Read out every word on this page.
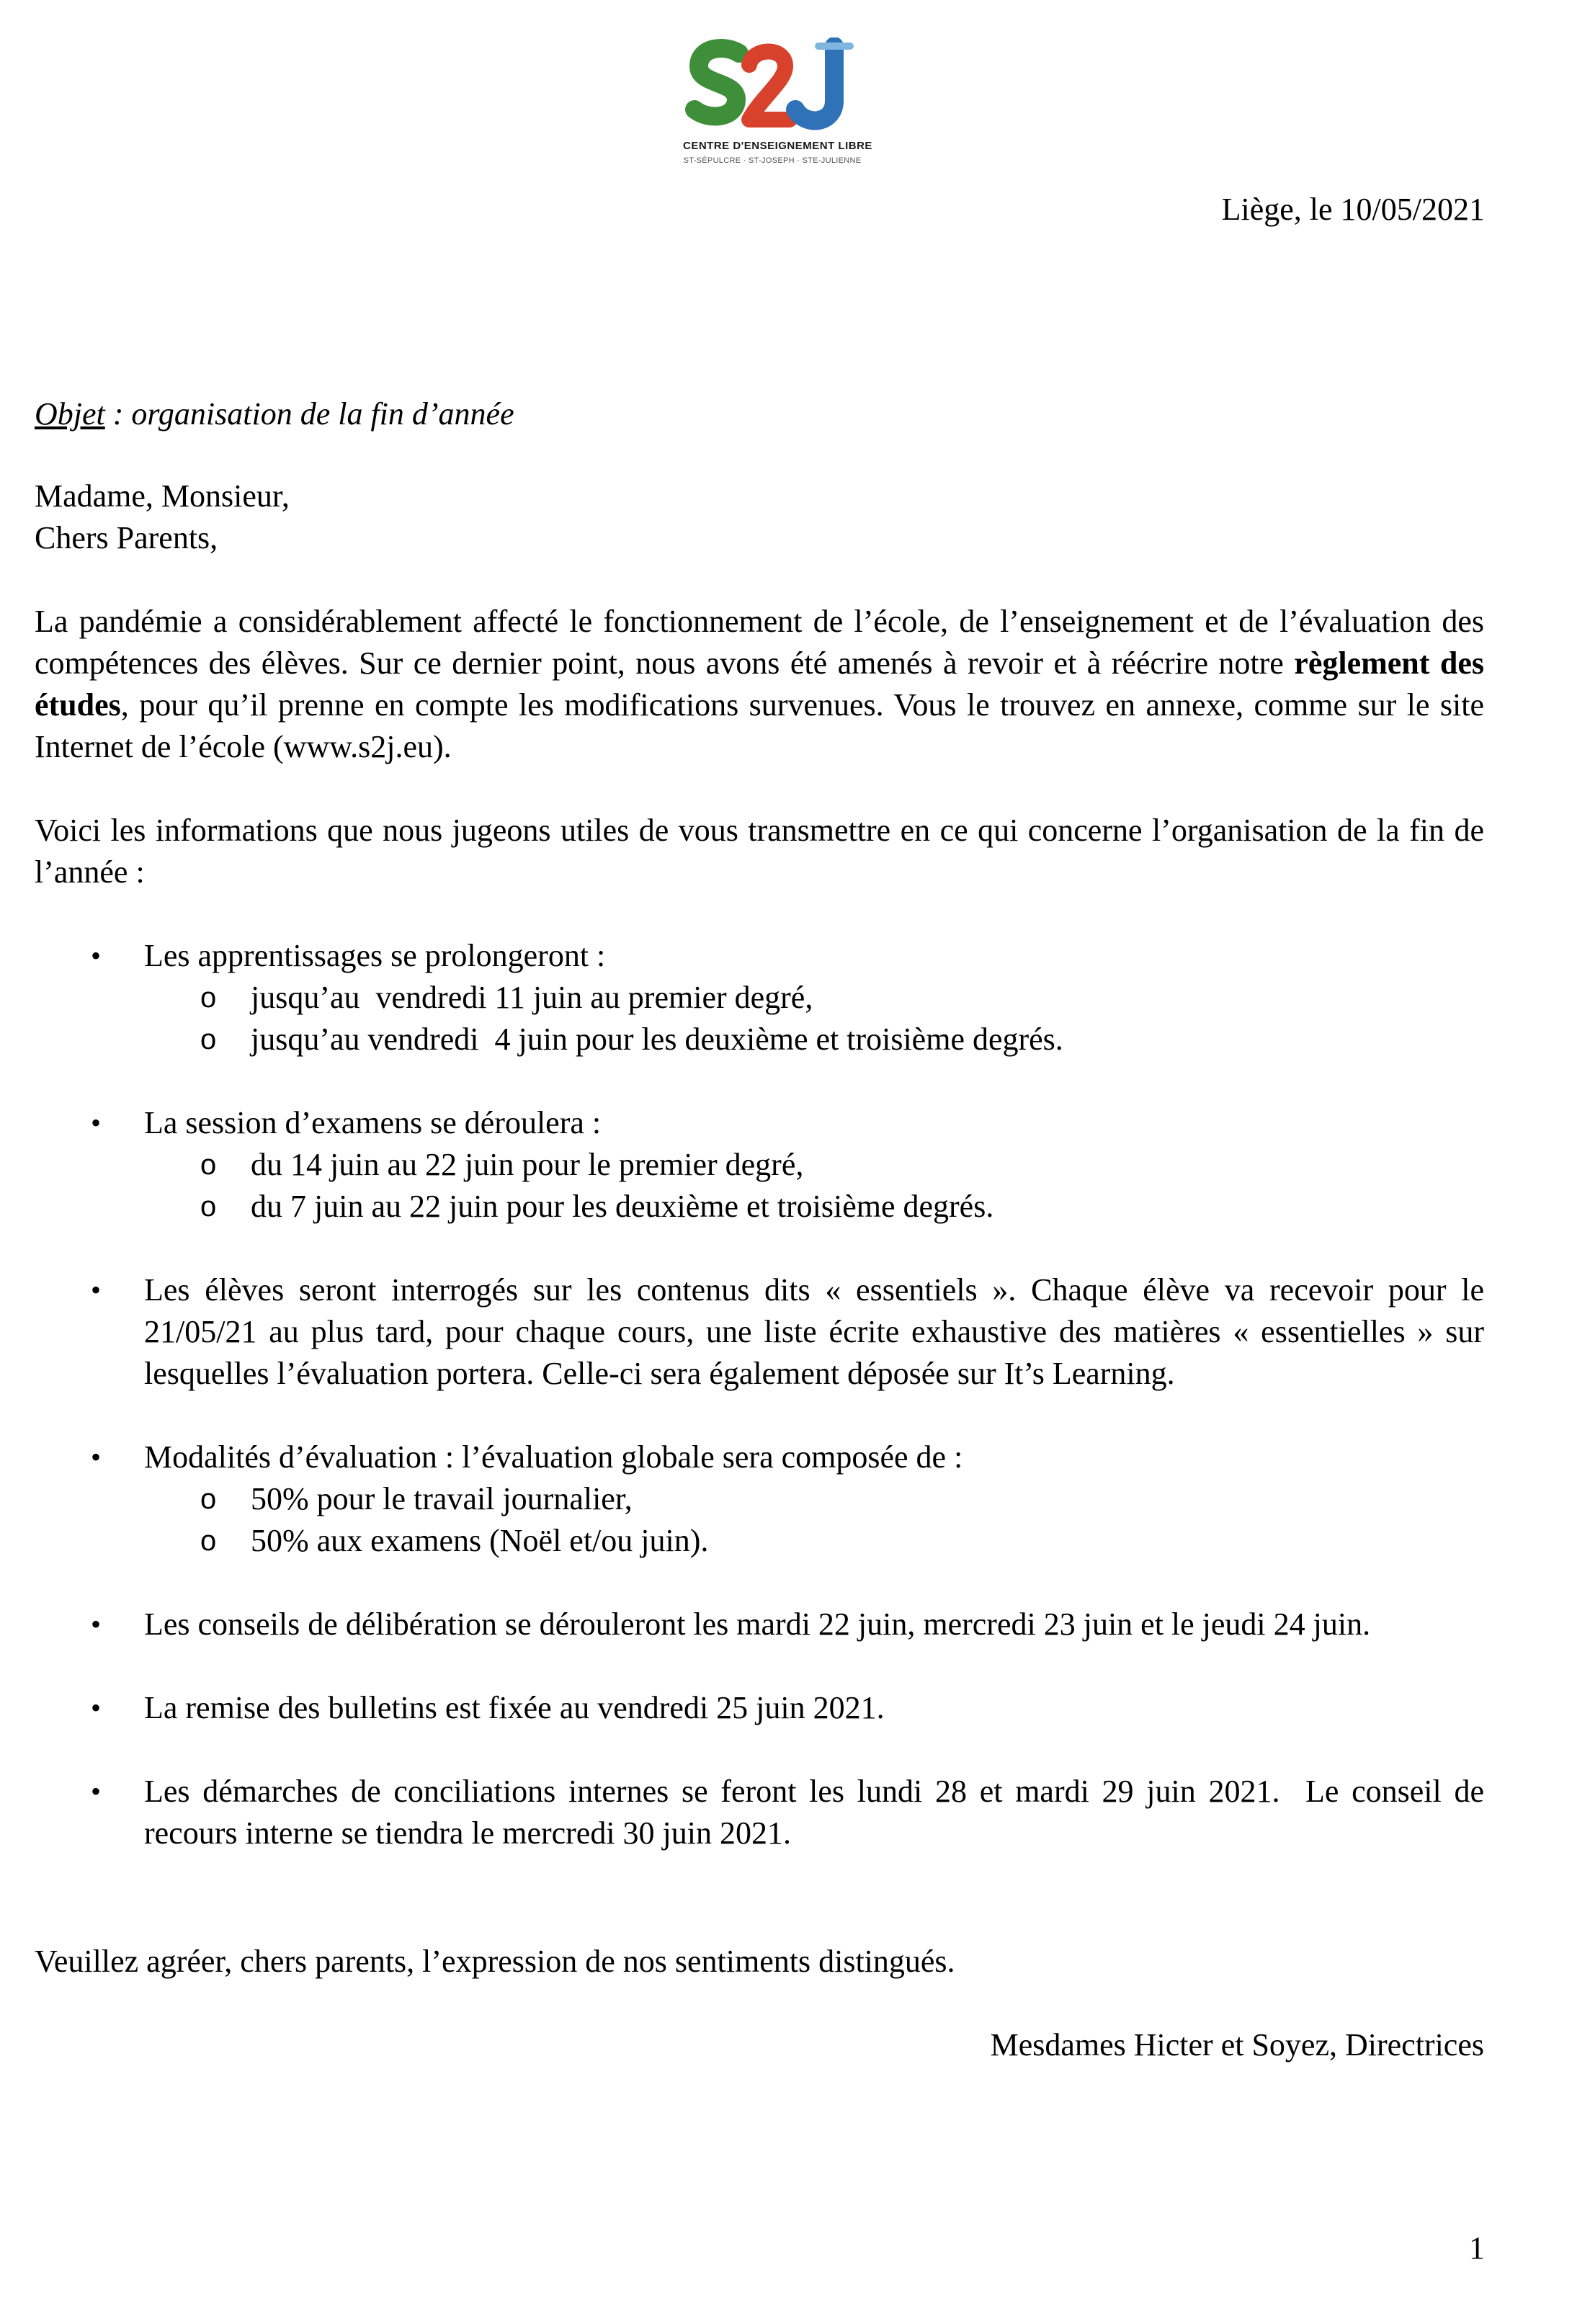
CENTRE D'ENSEIGNEMENT LIBRE
ST-SÉPULCRE · ST-JOSEPH · STE-JULIENNE
Liège, le 10/05/2021

Objet : organisation de la fin d’année

Madame, Monsieur,

Chers Parents,

La pandémie a considérablement affecté le fonctionnement de l’école, de l’enseignement et de l’évaluation des compétences des élèves. Sur ce dernier point, nous avons été amenés à revoir et à réécrire notre règlement des études, pour qu’il prenne en compte les modifications survenues. Vous le trouvez en annexe, comme sur le site Internet de l’école (www.s2j.eu).

Voici les informations que nous jugeons utiles de vous transmettre en ce qui concerne l’organisation de la fin de l’année :

• Les apprentissages se prolongeront :
o jusqu’au  vendredi 11 juin au premier degré,
o jusqu’au vendredi  4 juin pour les deuxième et troisième degrés.
• La session d’examens se déroulera :
o du 14 juin au 22 juin pour le premier degré,
o du 7 juin au 22 juin pour les deuxième et troisième degrés.
• Les élèves seront interrogés sur les contenus dits « essentiels ». Chaque élève va recevoir pour le 21/05/21 au plus tard, pour chaque cours, une liste écrite exhaustive des matières « essentielles » sur lesquelles l’évaluation portera. Celle-ci sera également déposée sur It’s Learning.
• Modalités d’évaluation : l’évaluation globale sera composée de :
o 50% pour le travail journalier,
o 50% aux examens (Noël et/ou juin).
• Les conseils de délibération se dérouleront les mardi 22 juin, mercredi 23 juin et le jeudi 24 juin.
• La remise des bulletins est fixée au vendredi 25 juin 2021.
• Les démarches de conciliations internes se feront les lundi 28 et mardi 29 juin 2021.  Le conseil de recours interne se tiendra le mercredi 30 juin 2021.

Veuillez agréer, chers parents, l’expression de nos sentiments distingués.

Mesdames Hicter et Soyez, Directrices

1
